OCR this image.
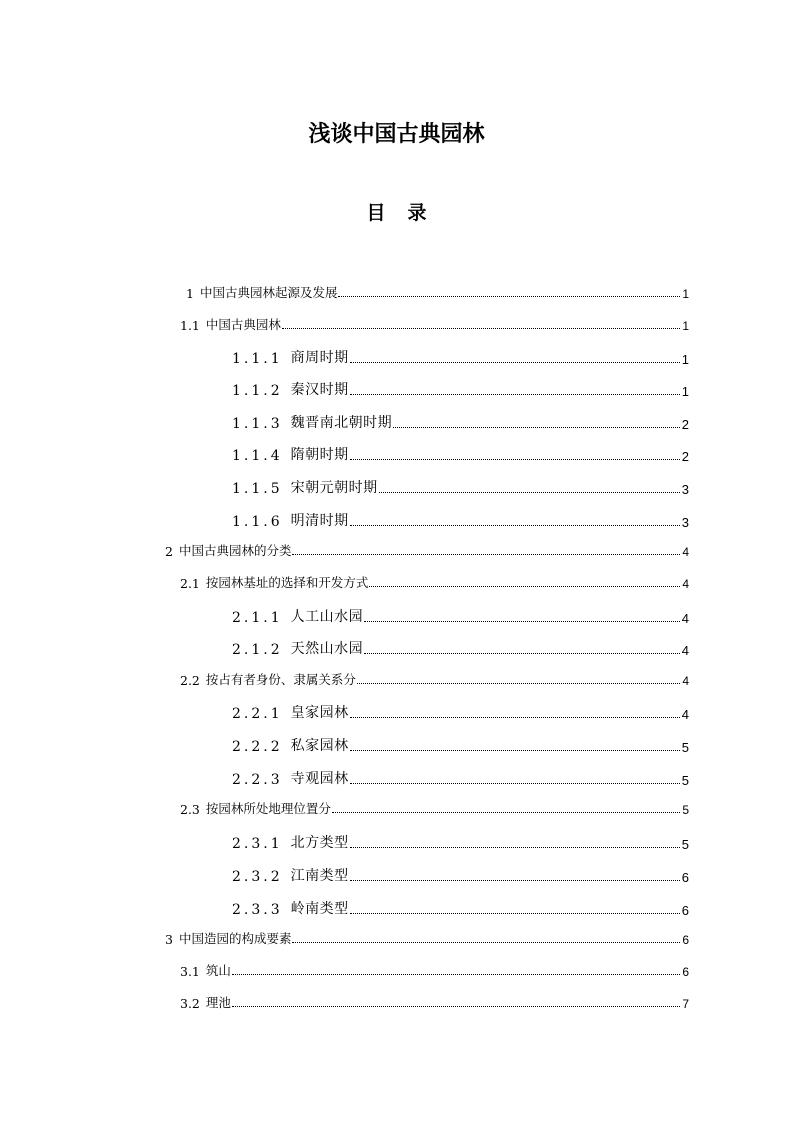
浅谈中国古典园林
目 录
1 中国古典园林起源及发展	1
1.1 中国古典园林	1
1.1.1 商周时期	1
1.1.2 秦汉时期	1
1.1.3 魏晋南北朝时期	2
1.1.4 隋朝时期	2
1.1.5 宋朝元朝时期	3
1.1.6 明清时期	3
2 中国古典园林的分类	4
2.1 按园林基址的选择和开发方式	4
2.1.1 人工山水园	4
2.1.2 天然山水园	4
2.2 按占有者身份、隶属关系分	4
2.2.1 皇家园林	4
2.2.2 私家园林	5
2.2.3 寺观园林	5
2.3 按园林所处地理位置分	5
2.3.1 北方类型	5
2.3.2 江南类型	6
2.3.3 岭南类型	6
3 中国造园的构成要素	6
3.1 筑山	6
3.2 理池	7
